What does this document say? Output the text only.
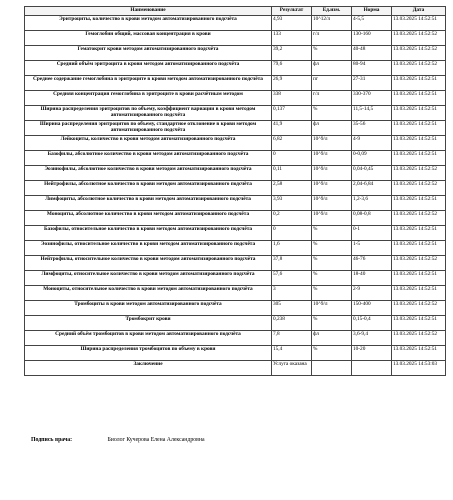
Наименование	Результат	Ед.изм.	Норма	Дата
Эритроциты, количество в крови методом автоматизированного подсчёта	4,93	10^12/л	4-5,5	13.03.2025 14:52:51
Гемоглобин общий, массовая концентрация в крови	133	г/л	130-160	13.03.2025 14:52:52
Гематокрит крови методом автоматизированного подсчёта	39,2	%	40-48	13.03.2025 14:52:52
Средний объём эритроцита в крови методом автоматизированного подсчёта	79,6	фл	80-94	13.03.2025 14:52:52
Среднее содержание гемоглобина в эритроците в крови методом автоматизированного подсчёта	26,9	пг	27-31	13.03.2025 14:52:51
Средняя концентрация гемоглобина в эритроците в крови расчётным методом	338	г/л	330-370	13.03.2025 14:52:51
Ширина распределения эритроцитов по объему, коэффициент вариации в крови методом автоматизированного подсчёта	0,137	%	11,5-14,5	13.03.2025 14:52:51
Ширина распределения эритроцитов по объему, стандартное отклонение в крови методом автоматизированного подсчёта	41,9	фл	35-56	13.03.2025 14:52:51
Лейкоциты, количество в крови методом автоматизированного подсчёта	6,82	10^9/л	4-9	13.03.2025 14:52:51
Базофилы, абсолютное количество в крови методом автоматизированного подсчёта	0	10^9/л	0-0,09	13.03.2025 14:52:51
Эозинофилы, абсолютное количество в крови методом автоматизированного подсчёта	0,11	10^9/л	0,04-0,45	13.03.2025 14:52:52
Нейтрофилы, абсолютное количество в крови методом автоматизированного подсчёта	2,58	10^9/л	2,04-6,84	13.03.2025 14:52:52
Лимфоциты, абсолютное количество в крови методом автоматизированного подсчёта	3,93	10^9/л	1,2-3,6	13.03.2025 14:52:51
Моноциты, абсолютное количество в крови методом автоматизированного подсчёта	0,2	10^9/л	0,08-0,8	13.03.2025 14:52:52
Базофилы, относительное количество в крови методом автоматизированного подсчёта	0	%	0-1	13.03.2025 14:52:51
Эозинофилы, относительное количество в крови методом автоматизированного подсчёта	1,6	%	1-5	13.03.2025 14:52:51
Нейтрофилы, относительное количество в крови методом автоматизированного подсчёта	37,8	%	46-76	13.03.2025 14:52:52
Лимфоциты, относительное количество в крови методом автоматизированного подсчёта	57,6	%	18-40	13.03.2025 14:52:51
Моноциты, относительное количество в крови методом автоматизированного подсчёта	3	%	2-9	13.03.2025 14:52:51
Тромбоциты в крови методом автоматизированного подсчёта	305	10^9/л	150-400	13.03.2025 14:52:52
Тромбокрит крови	0,238	%	0,15-0,4	13.03.2025 14:52:51
Средний объём тромбоцитов в крови методом автоматизированного подсчёта	7,8	фл	3,6-9,4	13.03.2025 14:52:52
Ширина распределения тромбоцитов по объему в крови	15,4	%	10-20	13.03.2025 14:52:51
Заключение	Услуга оказана			13.03.2025 14:53:03
Подпись врача:	Биолог Кучерова Елена Александровна
